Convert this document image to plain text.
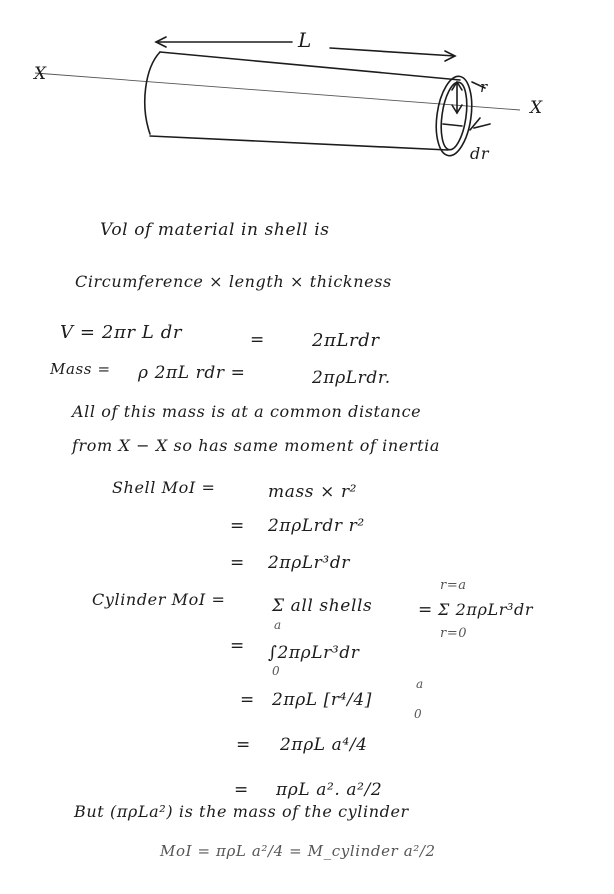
L
X
X
r
dr
Vol of material in shell is
Circumference × length × thickness
V = 2πr L dr	=	2πLrdr
Mass = ρ 2πL rdr =	2πρLrdr.
All of this mass is at a common distance
from X − X so has same moment of inertia
Shell MoI =	mass × r²
= 2πρLrdr r²
= 2πρLr³dr
Cylinder MoI =	Σ all shells	=
r=a
r=0
Σ 2πρLr³dr
=
a
∫2πρLr³dr
0
= 2πρL [r⁴/4]
a
0
= 2πρL a⁴/4
= πρL a². a²/2
But (πρLa²) is the mass of the cylinder
MoI = πρL a²/4 = M_cylinder a²/2
